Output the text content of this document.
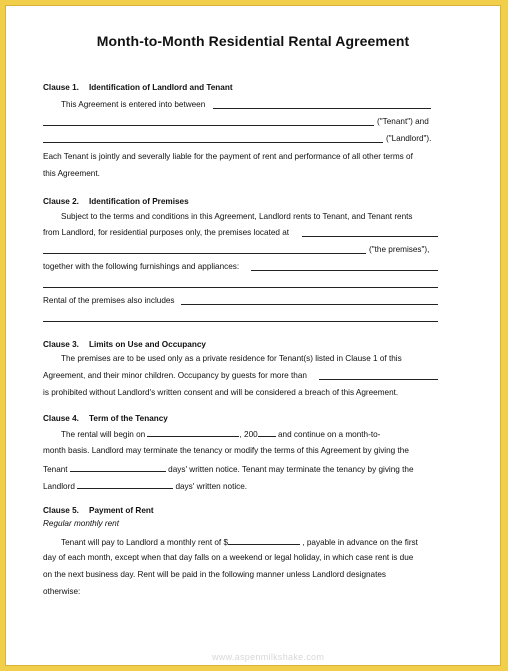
Month-to-Month Residential Rental Agreement
Clause 1. Identification of Landlord and Tenant
This Agreement is entered into between
("Tenant") and
("Landlord").
Each Tenant is jointly and severally liable for the payment of rent and performance of all other terms of
this Agreement.
Clause 2. Identification of Premises
Subject to the terms and conditions in this Agreement, Landlord rents to Tenant, and Tenant rents
from Landlord, for residential purposes only, the premises located at
("the premises"),
together with the following furnishings and appliances:
Rental of the premises also includes
Clause 3. Limits on Use and Occupancy
The premises are to be used only as a private residence for Tenant(s) listed in Clause 1 of this
Agreement, and their minor children. Occupancy by guests for more than
is prohibited without Landlord's written consent and will be considered a breach of this Agreement.
Clause 4. Term of the Tenancy
The rental will begin on	, 200 and continue on a month-to-
month basis. Landlord may terminate the tenancy or modify the terms of this Agreement by giving the
Tenant	days' written notice. Tenant may terminate the tenancy by giving the
Landlord	days' written notice.
Clause 5. Payment of Rent
Regular monthly rent
Tenant will pay to Landlord a monthly rent of $	, payable in advance on the first
day of each month, except when that day falls on a weekend or legal holiday, in which case rent is due
on the next business day. Rent will be paid in the following manner unless Landlord designates
otherwise:
www.aspenmilkshake.com
